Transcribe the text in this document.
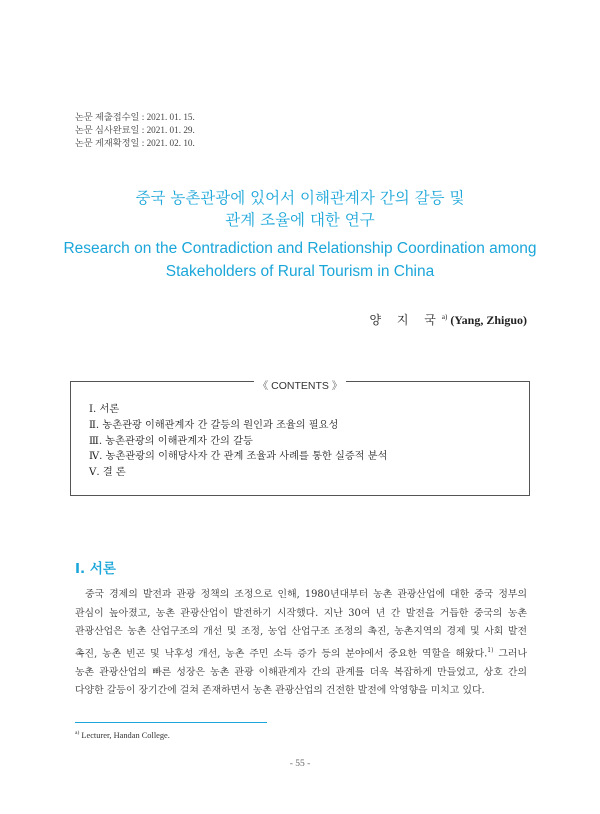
논문 제출접수일 : 2021. 01. 15.
논문 심사완료일 : 2021. 01. 29.
논문 게재확정일 : 2021. 02. 10.
중국 농촌관광에 있어서 이해관계자 간의 갈등 및
관계 조율에 대한 연구
Research on the Contradiction and Relationship Coordination among
Stakeholders of Rural Tourism in China
양 지 국$^{a)}$ (Yang, Zhiguo)
《 CONTENTS 》
Ⅰ. 서론
Ⅱ. 농촌관광 이해관계자 간 갈등의 원인과 조율의 필요성
Ⅲ. 농촌관광의 이해관계자 간의 갈등
Ⅳ. 농촌관광의 이해당사자 간 관계 조율과 사례를 통한 실증적 분석
Ⅴ. 결 론
Ⅰ. 서론
중국 경제의 발전과 관광 정책의 조정으로 인해, 1980년대부터 농촌 관광산업에 대한 중국 정부의
관심이 높아졌고, 농촌 관광산업이 발전하기 시작했다. 지난 30여 년 간 발전을 거듭한 중국의 농촌
관광산업은 농촌 산업구조의 개선 및 조정, 농업 산업구조 조정의 촉진, 농촌지역의 경제 및 사회 발전
촉진, 농촌 빈곤 및 낙후성 개선, 농촌 주민 소득 증가 등의 분야에서 중요한 역할을 해왔다.$^{1)}$ 그러나
농촌 관광산업의 빠른 성장은 농촌 관광 이해관계자 간의 관계를 더욱 복잡하게 만들었고, 상호 간의
다양한 갈등이 장기간에 걸쳐 존재하면서 농촌 관광산업의 건전한 발전에 악영향을 미치고 있다.
$^{a)}$ Lecturer, Handan College.
- 55 -
